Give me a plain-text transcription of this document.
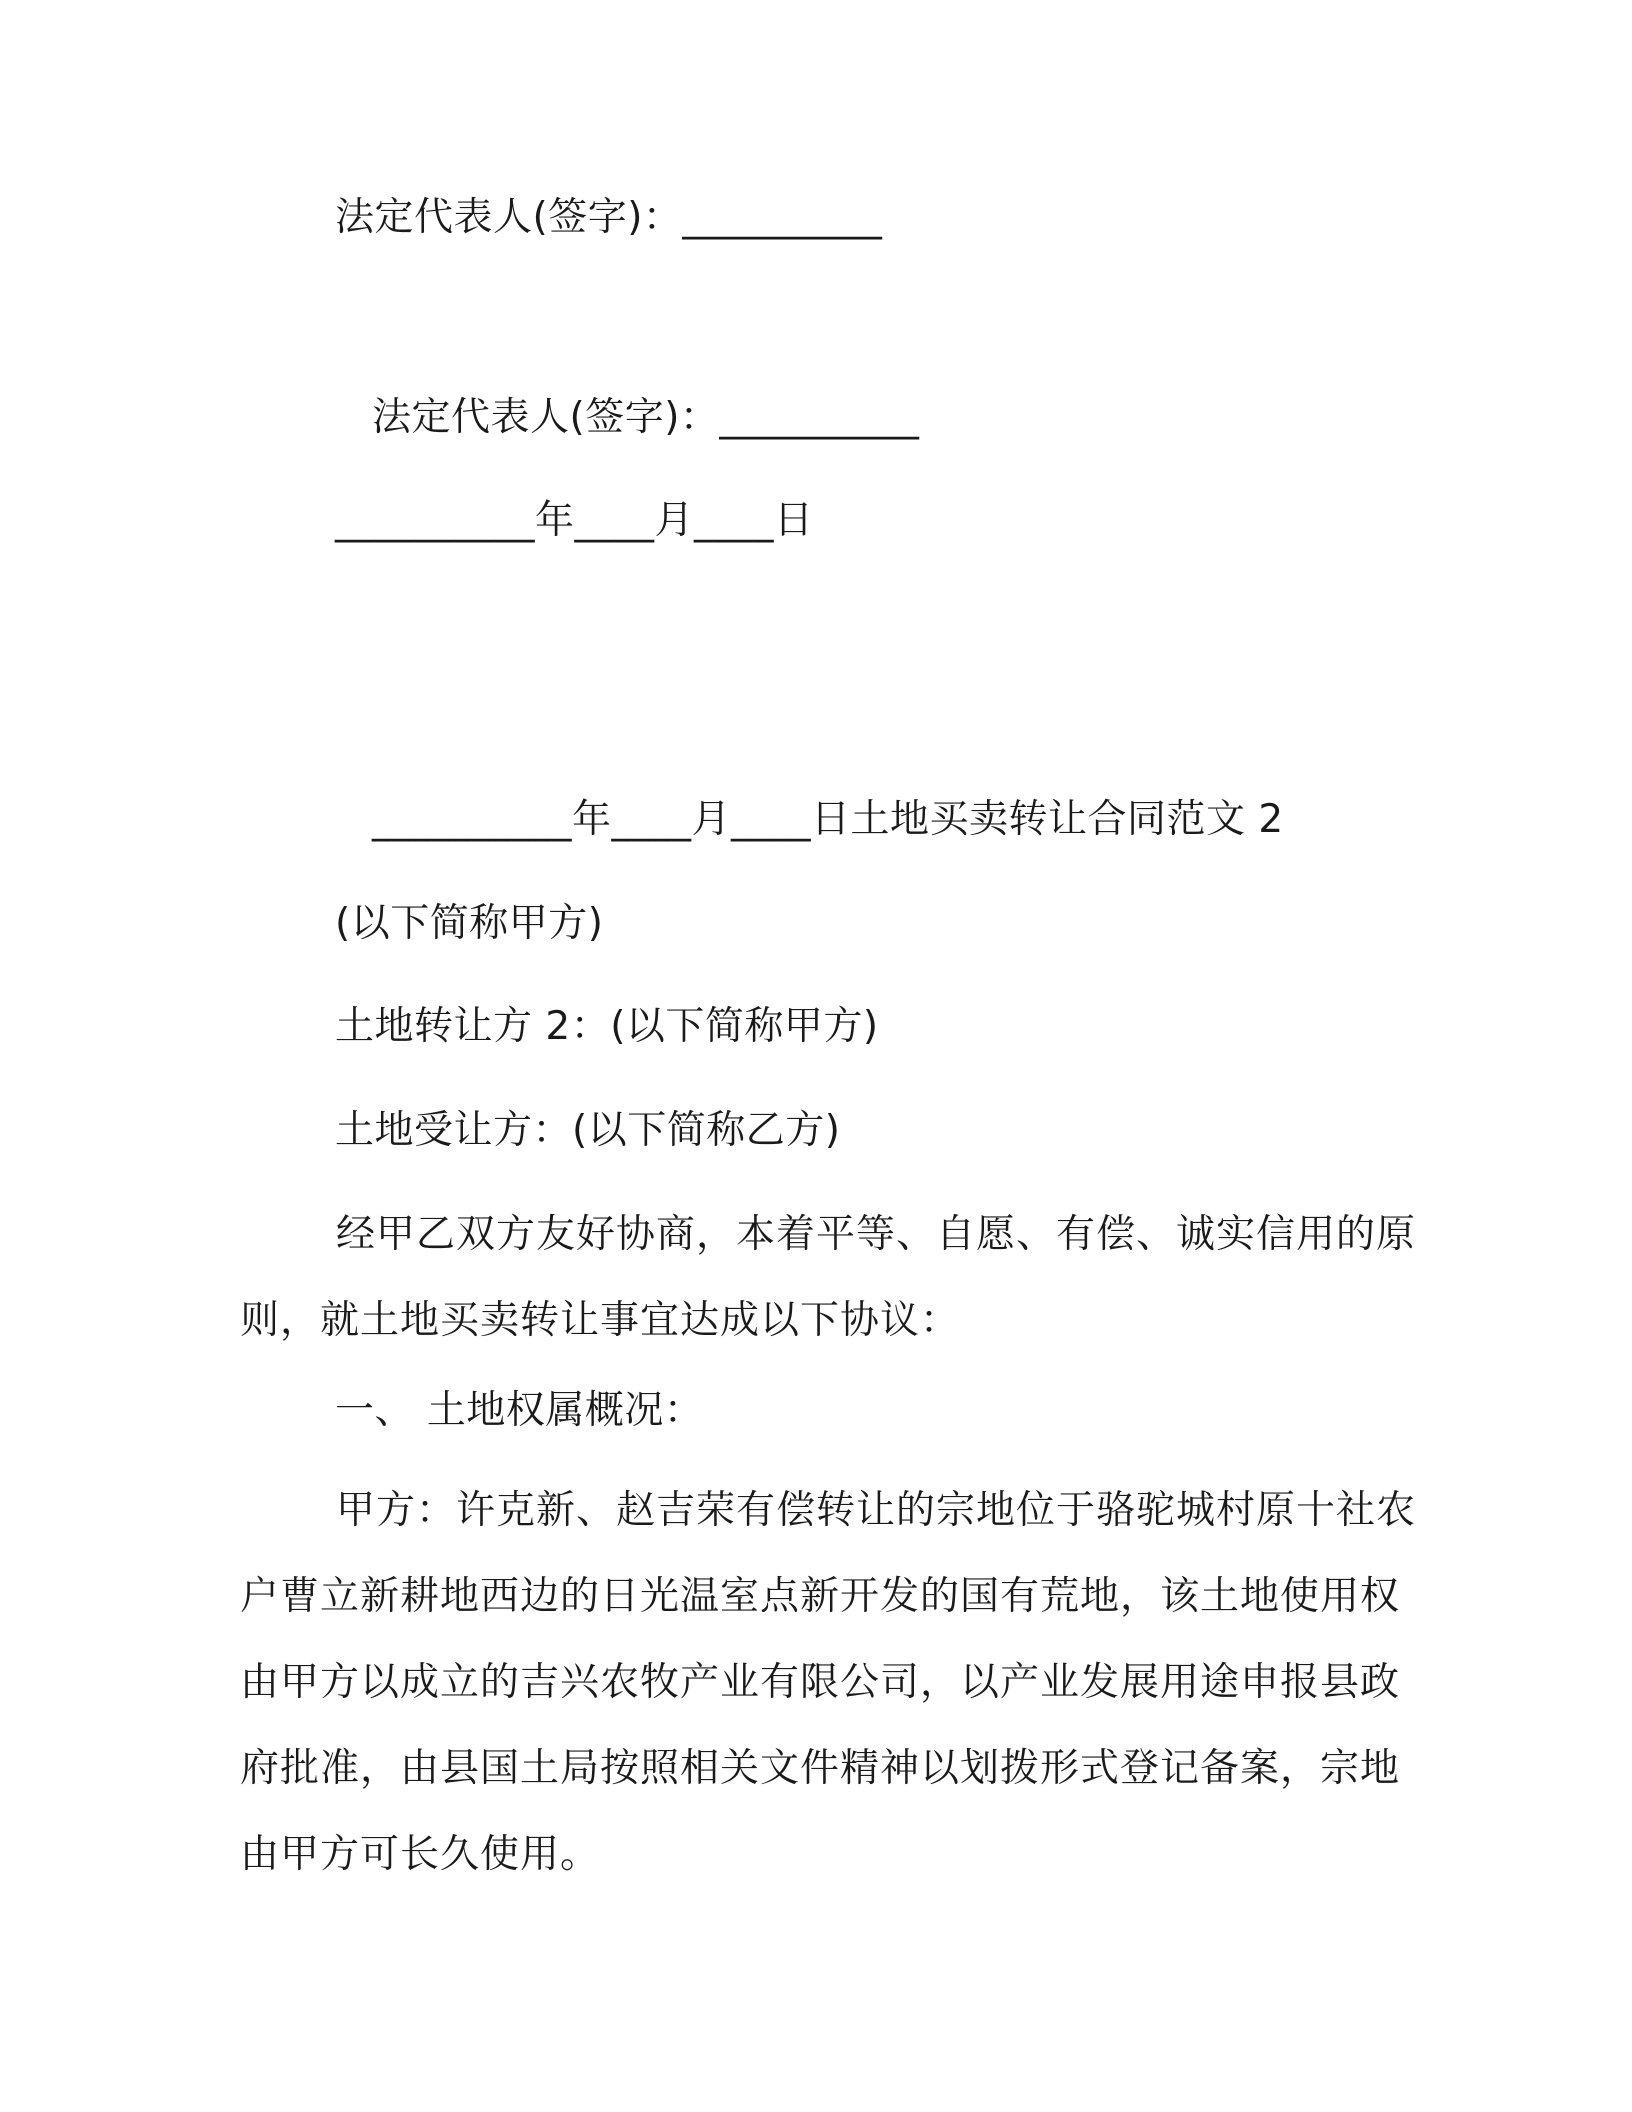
法定代表人(签字)：__________
法定代表人(签字)：__________
__________年____月____日
__________年____月____日土地买卖转让合同范文 2
(以下简称甲方)
土地转让方 2：(以下简称甲方)
土地受让方：(以下简称乙方)
经甲乙双方友好协商，本着平等、自愿、有偿、诚实信用的原则，就土地买卖转让事宜达成以下协议：
一、 土地权属概况：
甲方：许克新、赵吉荣有偿转让的宗地位于骆驼城村原十社农户曹立新耕地西边的日光温室点新开发的国有荒地，该土地使用权由甲方以成立的吉兴农牧产业有限公司，以产业发展用途申报县政府批准，由县国土局按照相关文件精神以划拨形式登记备案，宗地由甲方可长久使用。
